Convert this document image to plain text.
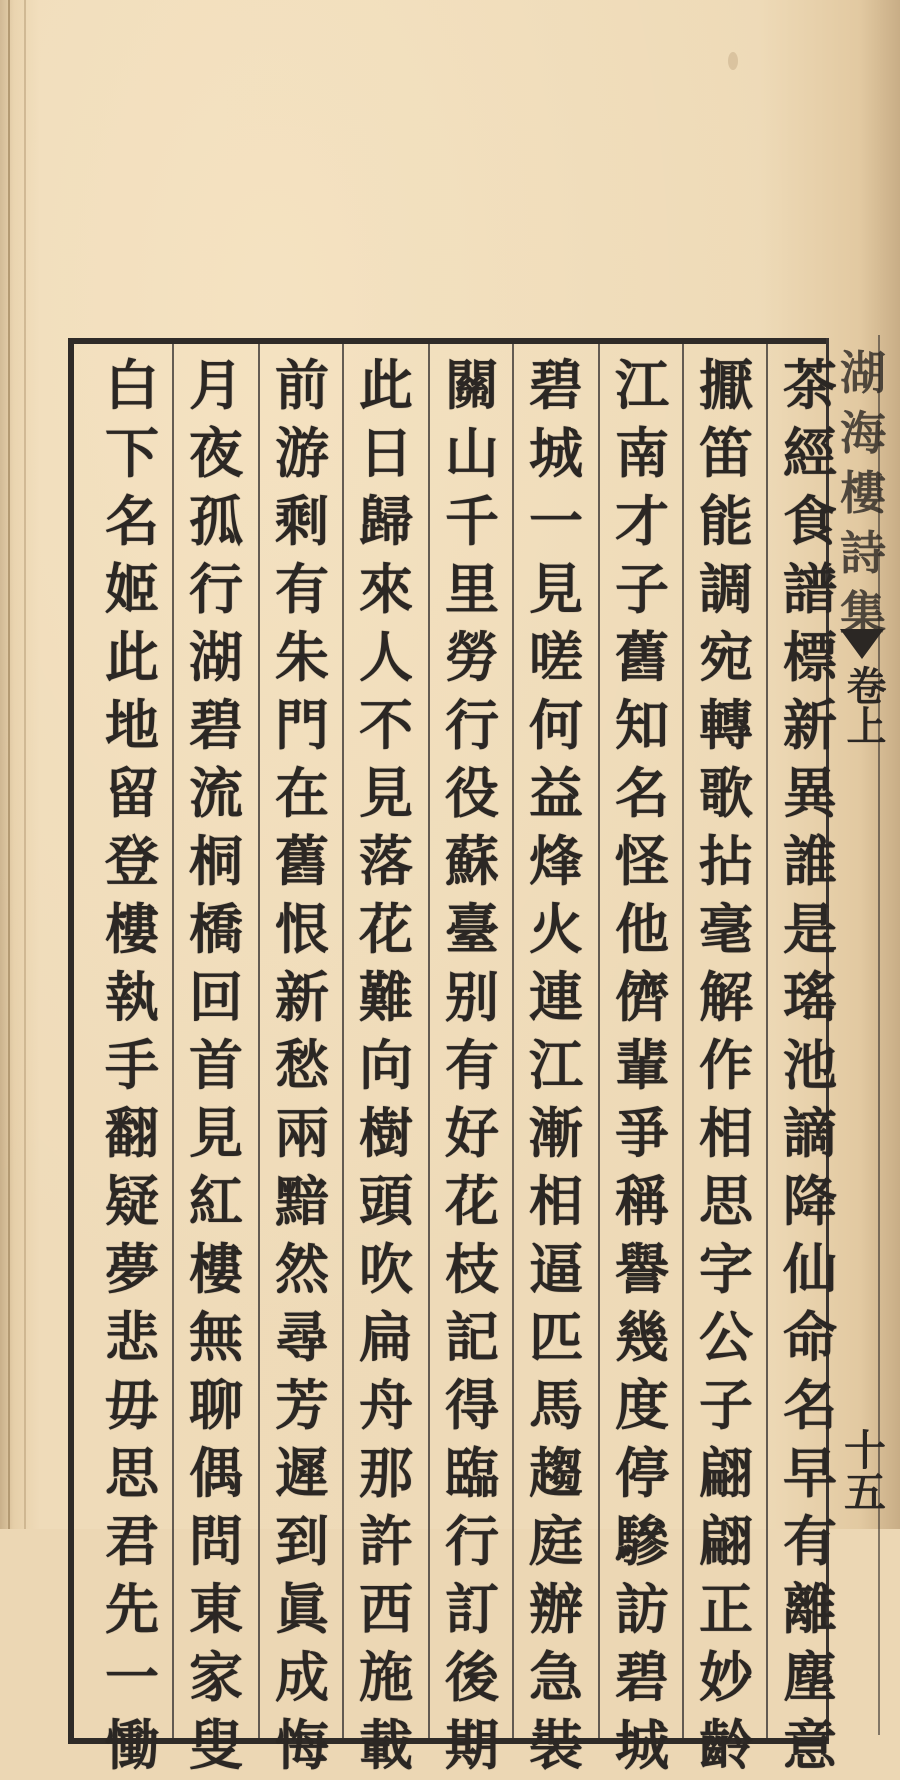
茶
經
食
譜
標
新
異
誰
是
瑤
池
謫
降
仙
命
名
早
有
離
塵
意
擫
笛
能
調
宛
轉
歌
拈
毫
解
作
相
思
字
公
子
翩
翩
正
妙
齡
江
南
才
子
舊
知
名
怪
他
儕
輩
爭
稱
譽
幾
度
停
驂
訪
碧
城
碧
城
一
見
嗟
何
益
烽
火
連
江
漸
相
逼
匹
馬
趨
庭
辦
急
裝
關
山
千
里
勞
行
役
蘇
臺
别
有
好
花
枝
記
得
臨
行
訂
後
期
此
日
歸
來
人
不
見
落
花
難
向
樹
頭
吹
扁
舟
那
許
西
施
載
前
游
剩
有
朱
門
在
舊
恨
新
愁
兩
黯
然
尋
芳
遲
到
眞
成
悔
月
夜
孤
行
湖
碧
流
桐
橋
回
首
見
紅
樓
無
聊
偶
問
東
家
叟
白
下
名
姬
此
地
留
登
樓
執
手
翻
疑
夢
悲
毋
思
君
先
一
慟
湖
海
樓
詩
集
卷上
十五
